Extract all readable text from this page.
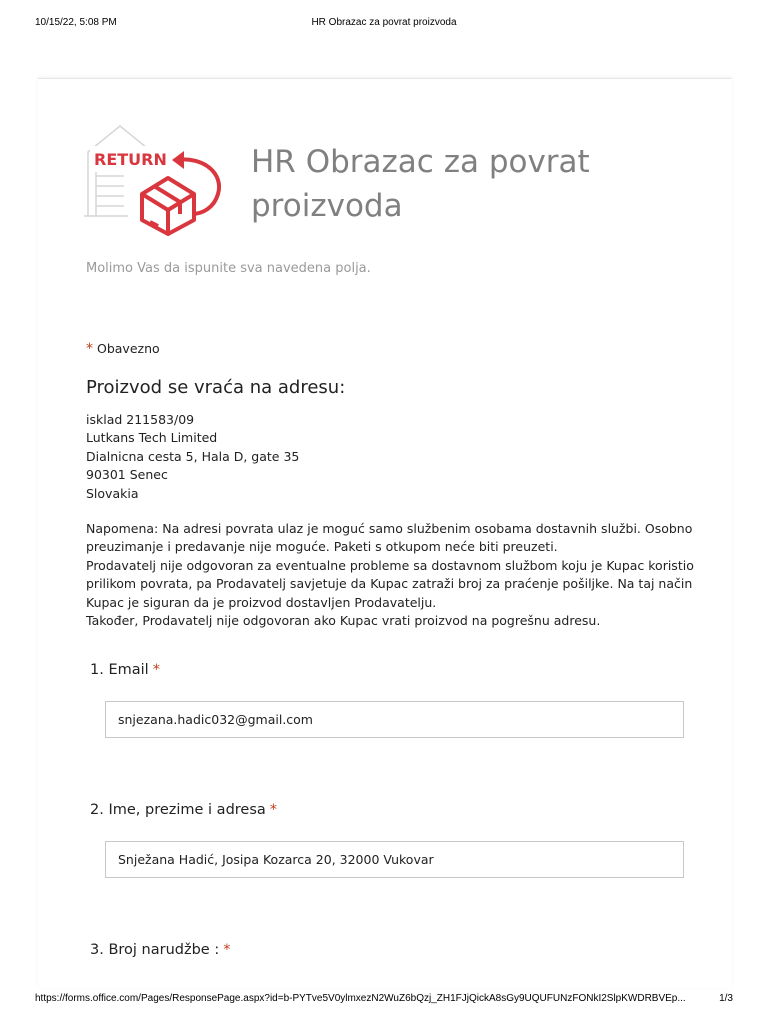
10/15/22, 5:08 PM	HR Obrazac za povrat proizvoda
RETURN	HR Obrazac za povrat
proizvoda
Molimo Vas da ispunite sva navedena polja.
* Obavezno
Proizvod se vraća na adresu:
isklad 211583/09
Lutkans Tech Limited
Dialnicna cesta 5, Hala D, gate 35
90301 Senec
Slovakia
Napomena: Na adresi povrata ulaz je moguć samo službenim osobama dostavnih službi. Osobno
preuzimanje i predavanje nije moguće. Paketi s otkupom neće biti preuzeti.
Prodavatelj nije odgovoran za eventualne probleme sa dostavnom službom koju je Kupac koristio
prilikom povrata, pa Prodavatelj savjetuje da Kupac zatraži broj za praćenje pošiljke. Na taj način
Kupac je siguran da je proizvod dostavljen Prodavatelju.
Također, Prodavatelj nije odgovoran ako Kupac vrati proizvod na pogrešnu adresu.
1. Email *
snjezana.hadic032@gmail.com
2. Ime, prezime i adresa *
Snježana Hadić, Josipa Kozarca 20, 32000 Vukovar
3. Broj narudžbe : *
https://forms.office.com/Pages/ResponsePage.aspx?id=b-PYTve5V0ylmxezN2WuZ6bQzj_ZH1FJjQickA8sGy9UQUFUNzFONkI2SlpKWDRBVEp...	1/3
